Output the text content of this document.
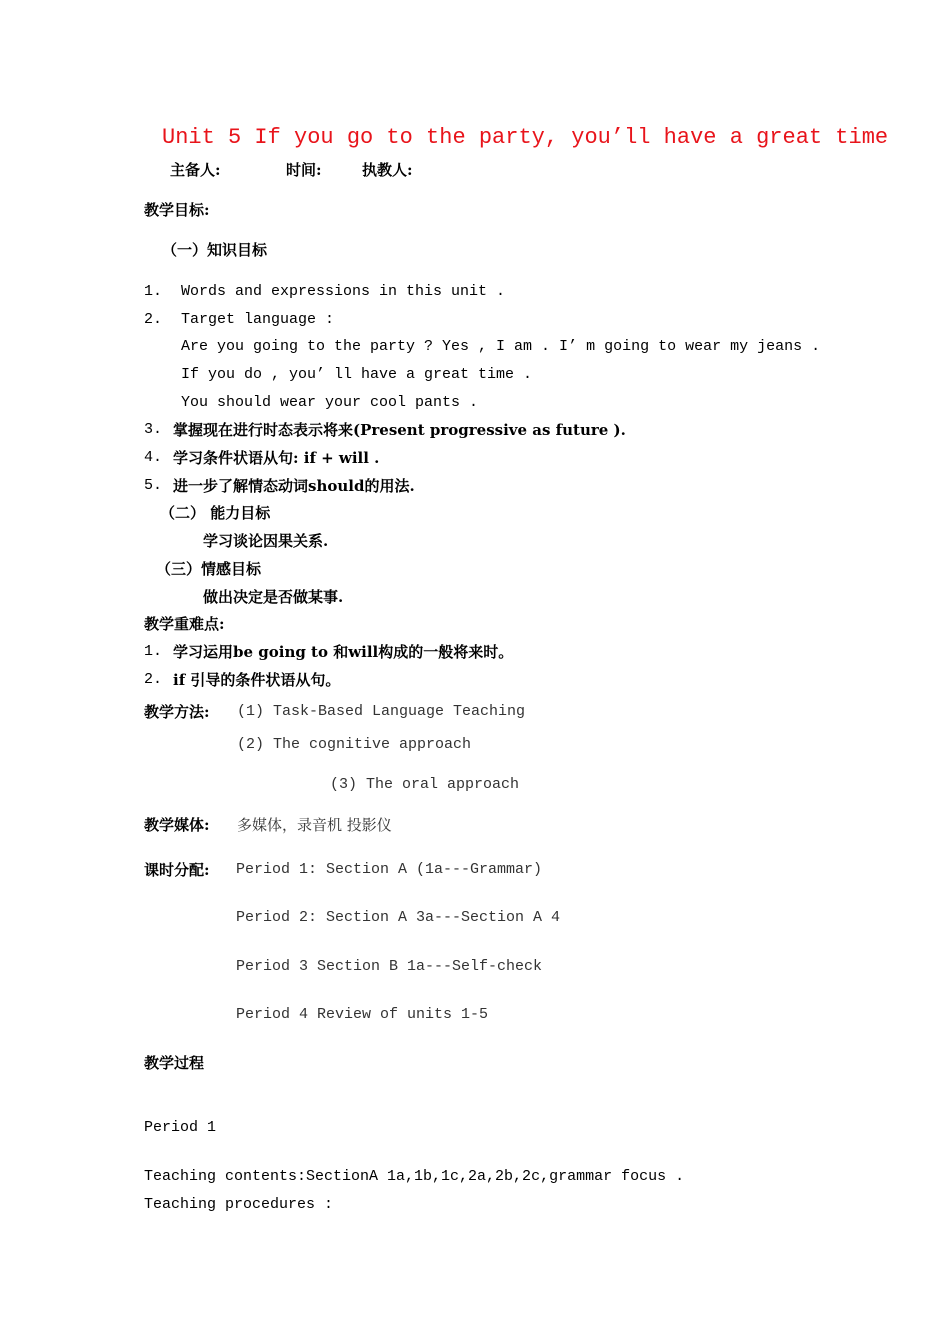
Unit 5 If you go to the party, you’ll have a great time
主备人:	时间:	执教人:
教学目标:
（一）知识目标
1. Words and expressions in this unit .
2. Target language :
Are you going to the party ? Yes , I am . I’ m going to wear my jeans .
If you do , you’ ll have a great time .
You should wear your cool pants .
3. 掌握现在进行时态表示将来(Present progressive as future ).
4. 学习条件状语从句: if + will .
5. 进一步了解情态动词should的用法.
（二） 能力目标
学习谈论因果关系.
（三）情感目标
做出决定是否做某事.
教学重难点:
1. 学习运用be going to 和will构成的一般将来时。
2. if 引导的条件状语从句。
教学方法: (1) Task-Based Language Teaching
(2) The cognitive approach
(3) The oral approach
教学媒体: 多媒体，录音机 投影仪
课时分配: Period 1: Section A (1a---Grammar)
Period 2: Section A 3a---Section A 4
Period 3 Section B 1a---Self-check
Period 4 Review of units 1-5
教学过程
Period 1
Teaching contents:SectionA 1a,1b,1c,2a,2b,2c,grammar focus .
Teaching procedures :
